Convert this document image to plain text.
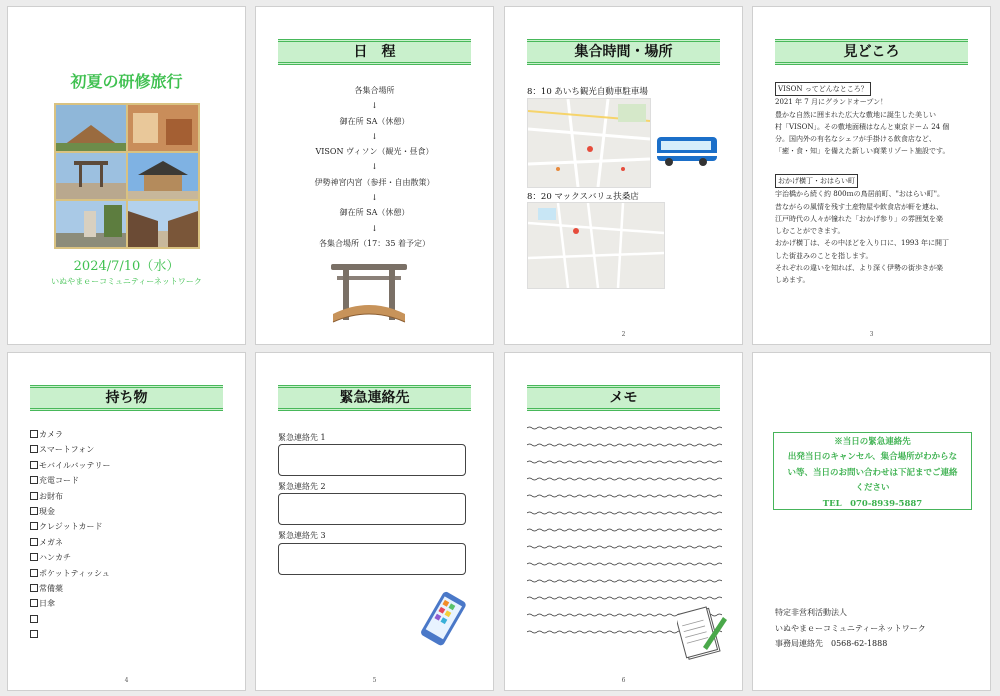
初夏の研修旅行
2024/7/10（水）
いぬやまｅーコミュニティーネットワーク
日　程
各集合場所
↓
御在所 SA（休憩）
↓
VISON ヴィソン（観光・昼食）
↓
伊勢神宮内宮（参拝・自由散策）
↓
御在所 SA（休憩）
↓
各集合場所（17：35 着予定）
集合時間・場所
8：10 あいち観光自動車駐車場
8：20 マックスバリュ扶桑店
2
見どころ
VISON ってどんなところ？
2021 年 7 月にグランドオープン！
豊かな自然に囲まれた広大な敷地に誕生した美しい
村「VISON」。その敷地面積はなんと東京ドーム 24 個
分。国内外の有名なシェフが手掛ける飲食店など、
「癒・食・知」を備えた新しい商業リゾート施設です。
おかげ横丁・おはらい町
宇治橋から続く約 800ｍの鳥居前町、"おはらい町"。
昔ながらの風情を残す土産物屋や飲食店が軒を連ね、
江戸時代の人々が憧れた「おかげ参り」の雰囲気を楽
しむことができます。
おかげ横丁は、その中ほどを入り口に、1993 年に開丁
した街並みのことを指します。
それぞれの違いを知れば、より深く伊勢の街歩きが楽
しめます。
3
持ち物
カメラ
スマートフォン
モバイルバッテリー
充電コード
お財布
現金
クレジットカード
メガネ
ハンカチ
ポケットティッシュ
常備薬
日傘
4
緊急連絡先
緊急連絡先 1
緊急連絡先 2
緊急連絡先 3
5
メモ
6
※当日の緊急連絡先
出発当日のキャンセル、集合場所がわからな
い等、当日のお問い合わせは下記までご連絡
ください
TEL　070-8939-5887
特定非営利活動法人
いぬやまｅーコミュニティーネットワーク
事務局連絡先　0568-62-1888
